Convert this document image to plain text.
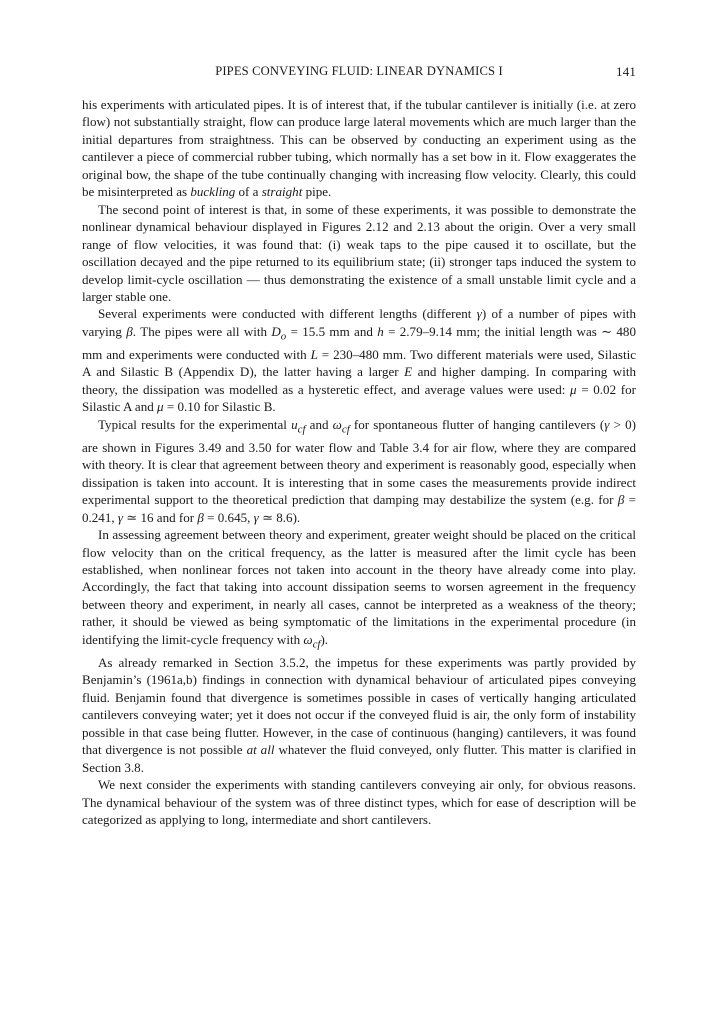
PIPES CONVEYING FLUID: LINEAR DYNAMICS I	141

his experiments with articulated pipes. It is of interest that, if the tubular cantilever is initially (i.e. at zero flow) not substantially straight, flow can produce large lateral movements which are much larger than the initial departures from straightness. This can be observed by conducting an experiment using as the cantilever a piece of commercial rubber tubing, which normally has a set bow in it. Flow exaggerates the original bow, the shape of the tube continually changing with increasing flow velocity. Clearly, this could be misinterpreted as buckling of a straight pipe.

The second point of interest is that, in some of these experiments, it was possible to demonstrate the nonlinear dynamical behaviour displayed in Figures 2.12 and 2.13 about the origin. Over a very small range of flow velocities, it was found that: (i) weak taps to the pipe caused it to oscillate, but the oscillation decayed and the pipe returned to its equilibrium state; (ii) stronger taps induced the system to develop limit-cycle oscillation — thus demonstrating the existence of a small unstable limit cycle and a larger stable one.

Several experiments were conducted with different lengths (different γ) of a number of pipes with varying β. The pipes were all with $D_o = 15.5$ mm and h = 2.79–9.14 mm; the initial length was ∼ 480 mm and experiments were conducted with L = 230–480 mm. Two different materials were used, Silastic A and Silastic B (Appendix D), the latter having a larger E and higher damping. In comparing with theory, the dissipation was modelled as a hysteretic effect, and average values were used: μ = 0.02 for Silastic A and μ = 0.10 for Silastic B.

Typical results for the experimental $u_{cf}$ and $\omega_{cf}$ for spontaneous flutter of hanging cantilevers (γ > 0) are shown in Figures 3.49 and 3.50 for water flow and Table 3.4 for air flow, where they are compared with theory. It is clear that agreement between theory and experiment is reasonably good, especially when dissipation is taken into account. It is interesting that in some cases the measurements provide indirect experimental support to the theoretical prediction that damping may destabilize the system (e.g. for β = 0.241, γ ≃ 16 and for β = 0.645, γ ≃ 8.6).

In assessing agreement between theory and experiment, greater weight should be placed on the critical flow velocity than on the critical frequency, as the latter is measured after the limit cycle has been established, when nonlinear forces not taken into account in the theory have already come into play. Accordingly, the fact that taking into account dissipation seems to worsen agreement in the frequency between theory and experiment, in nearly all cases, cannot be interpreted as a weakness of the theory; rather, it should be viewed as being symptomatic of the limitations in the experimental procedure (in identifying the limit-cycle frequency with $\omega_{cf}$).

As already remarked in Section 3.5.2, the impetus for these experiments was partly provided by Benjamin’s (1961a,b) findings in connection with dynamical behaviour of articulated pipes conveying fluid. Benjamin found that divergence is sometimes possible in cases of vertically hanging articulated cantilevers conveying water; yet it does not occur if the conveyed fluid is air, the only form of instability possible in that case being flutter. However, in the case of continuous (hanging) cantilevers, it was found that divergence is not possible at all whatever the fluid conveyed, only flutter. This matter is clarified in Section 3.8.

We next consider the experiments with standing cantilevers conveying air only, for obvious reasons. The dynamical behaviour of the system was of three distinct types, which for ease of description will be categorized as applying to long, intermediate and short cantilevers.
